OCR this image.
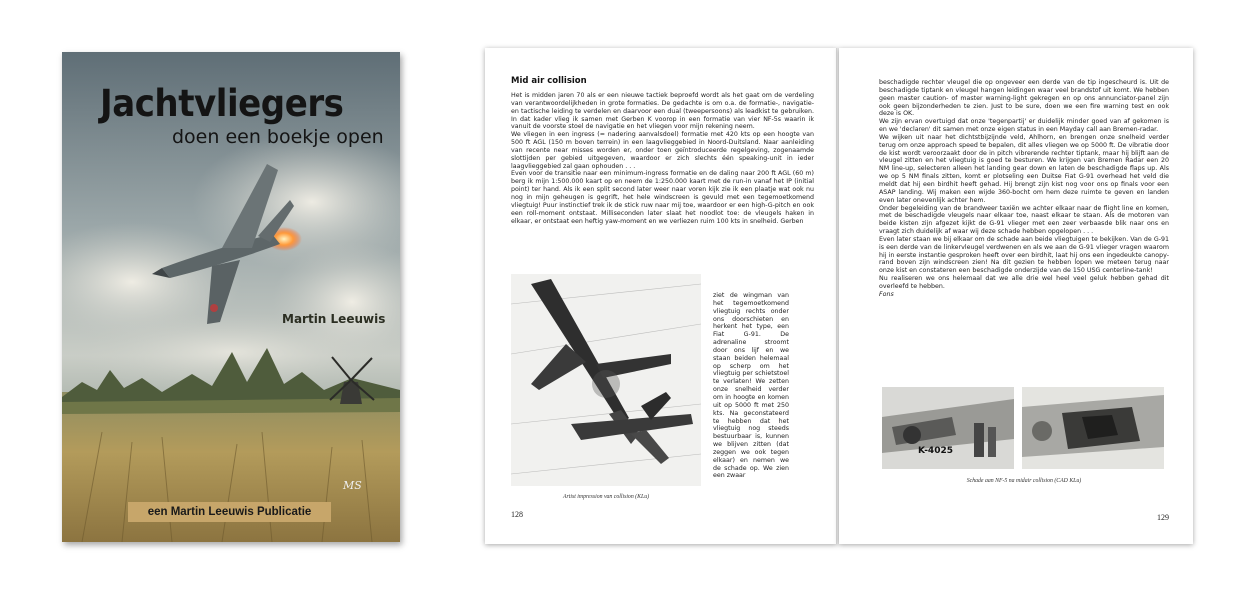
Jachtvliegers
doen een boekje open
Martin Leeuwis
MS
een Martin Leeuwis Publicatie
Mid air collision

Het is midden jaren 70 als er een nieuwe tactiek beproefd wordt als het gaat om de verdeling van verantwoordelijkheden in grote formaties. De gedachte is om o.a. de formatie-, navigatie- en tactische leiding te verdelen en daarvoor een dual (tweepersoons) als leadkist te gebruiken. In dat kader vlieg ik samen met Gerben K voorop in een formatie van vier NF-5s waarin ik vanuit de voorste stoel de navigatie en het vliegen voor mijn rekening neem.

We vliegen in een ingress (= nadering aanvalsdoel) formatie met 420 kts op een hoogte van 500 ft AGL (150 m boven terrein) in een laagvlieggebied in Noord-Duitsland. Naar aanleiding van recente near misses worden er, onder toen geïntroduceerde regelgeving, zogenaamde slottijden per gebied uitgegeven, waardoor er zich slechts één speaking-unit in ieder laagvlieggebied zal gaan ophouden . . .

Even voor de transitie naar een minimum-ingress formatie en de daling naar 200 ft AGL (60 m) berg ik mijn 1:500.000 kaart op en neem de 1:250.000 kaart met de run-in vanaf het IP (initial point) ter hand. Als ik een split second later weer naar voren kijk zie ik een plaatje wat ook nu nog in mijn geheugen is gegrift, het hele windscreen is gevuld met een tegemoetkomend vliegtuig! Puur instinctief trek ik de stick ruw naar mij toe, waardoor er een high-G-pitch en ook een roll-moment ontstaat. Milliseconden later slaat het noodlot toe: de vleugels haken in elkaar, er ontstaat een heftig yaw-moment en we verliezen ruim 100 kts in snelheid. Gerben

Artist impression van collision (KLu)
ziet de wingman van het tegemoetkomend vliegtuig rechts onder ons doorschieten en herkent het type, een Fiat G-91. De adrenaline stroomt door ons lijf en we staan beiden helemaal op scherp om het vliegtuig per schietstoel te verlaten! We zetten onze snelheid verder om in hoogte en komen uit op 5000 ft met 250 kts. Na geconstateerd te hebben dat het vliegtuig nog steeds bestuurbaar is, kunnen we blijven zitten (dat zeggen we ook tegen elkaar) en nemen we de schade op. We zien een zwaar
128

beschadigde rechter vleugel die op ongeveer een derde van de tip ingescheurd is. Uit de beschadigde tiptank en vleugel hangen leidingen waar veel brandstof uit komt. We hebben geen master caution- of master warning-light gekregen en op ons annunciator-panel zijn ook geen bijzonderheden te zien. Just to be sure, doen we een fire warning test en ook deze is OK.

We zijn ervan overtuigd dat onze 'tegenpartij' er duidelijk minder goed van af gekomen is en we 'declaren' dit samen met onze eigen status in een Mayday call aan Bremen-radar.

We wijken uit naar het dichtstbijzijnde veld, Ahlhorn, en brengen onze snelheid verder terug om onze approach speed te bepalen, dit alles vliegen we op 5000 ft. De vibratie door de kist wordt veroorzaakt door de in pitch vibrerende rechter tiptank, maar hij blijft aan de vleugel zitten en het vliegtuig is goed te besturen. We krijgen van Bremen Radar een 20 NM line-up, selecteren alleen het landing gear down en laten de beschadigde flaps up. Als we op 5 NM finals zitten, komt er plotseling een Duitse Fiat G-91 overhead het veld die meldt dat hij een birdhit heeft gehad. Hij brengt zijn kist nog voor ons op finals voor een ASAP landing. Wij maken een wijde 360-bocht om hem deze ruimte te geven en landen even later onevenlijk achter hem.

Onder begeleiding van de brandweer taxiën we achter elkaar naar de flight line en komen, met de beschadigde vleugels naar elkaar toe, naast elkaar te staan. Als de motoren van beide kisten zijn afgezet kijkt de G-91 vlieger met een zeer verbaasde blik naar ons en vraagt zich duidelijk af waar wij deze schade hebben opgelopen . . .

Even later staan we bij elkaar om de schade aan beide vliegtuigen te bekijken. Van de G-91 is een derde van de linkervleugel verdwenen en als we aan de G-91 vlieger vragen waarom hij in eerste instantie gesproken heeft over een birdhit, laat hij ons een ingedeukte canopy-rand boven zijn windscreen zien! Na dit gezien te hebben lopen we meteen terug naar onze kist en constateren een beschadigde onderzijde van de 150 USG centerline-tank!

Nu realiseren we ons helemaal dat we alle drie wel heel veel geluk hebben gehad dit overleefd te hebben.

Fons

K-4025
Schade aan NF-5 na midair collision (CAD KLu)
129
